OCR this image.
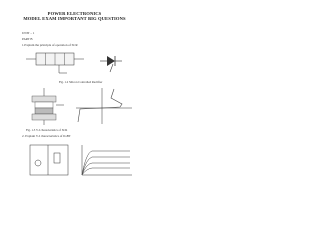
POWER ELECTRONICS
MODEL EXAM IMPORTANT BIG QUESTIONS
UNIT – 1
PART B
1.Explain the principle of operation of SCR
Fig. 1.2 Silicon Controlled Rectifier
Fig. 1.3 V-I characteristics of SCR
2. Explain V-I characteristics of IGBT
